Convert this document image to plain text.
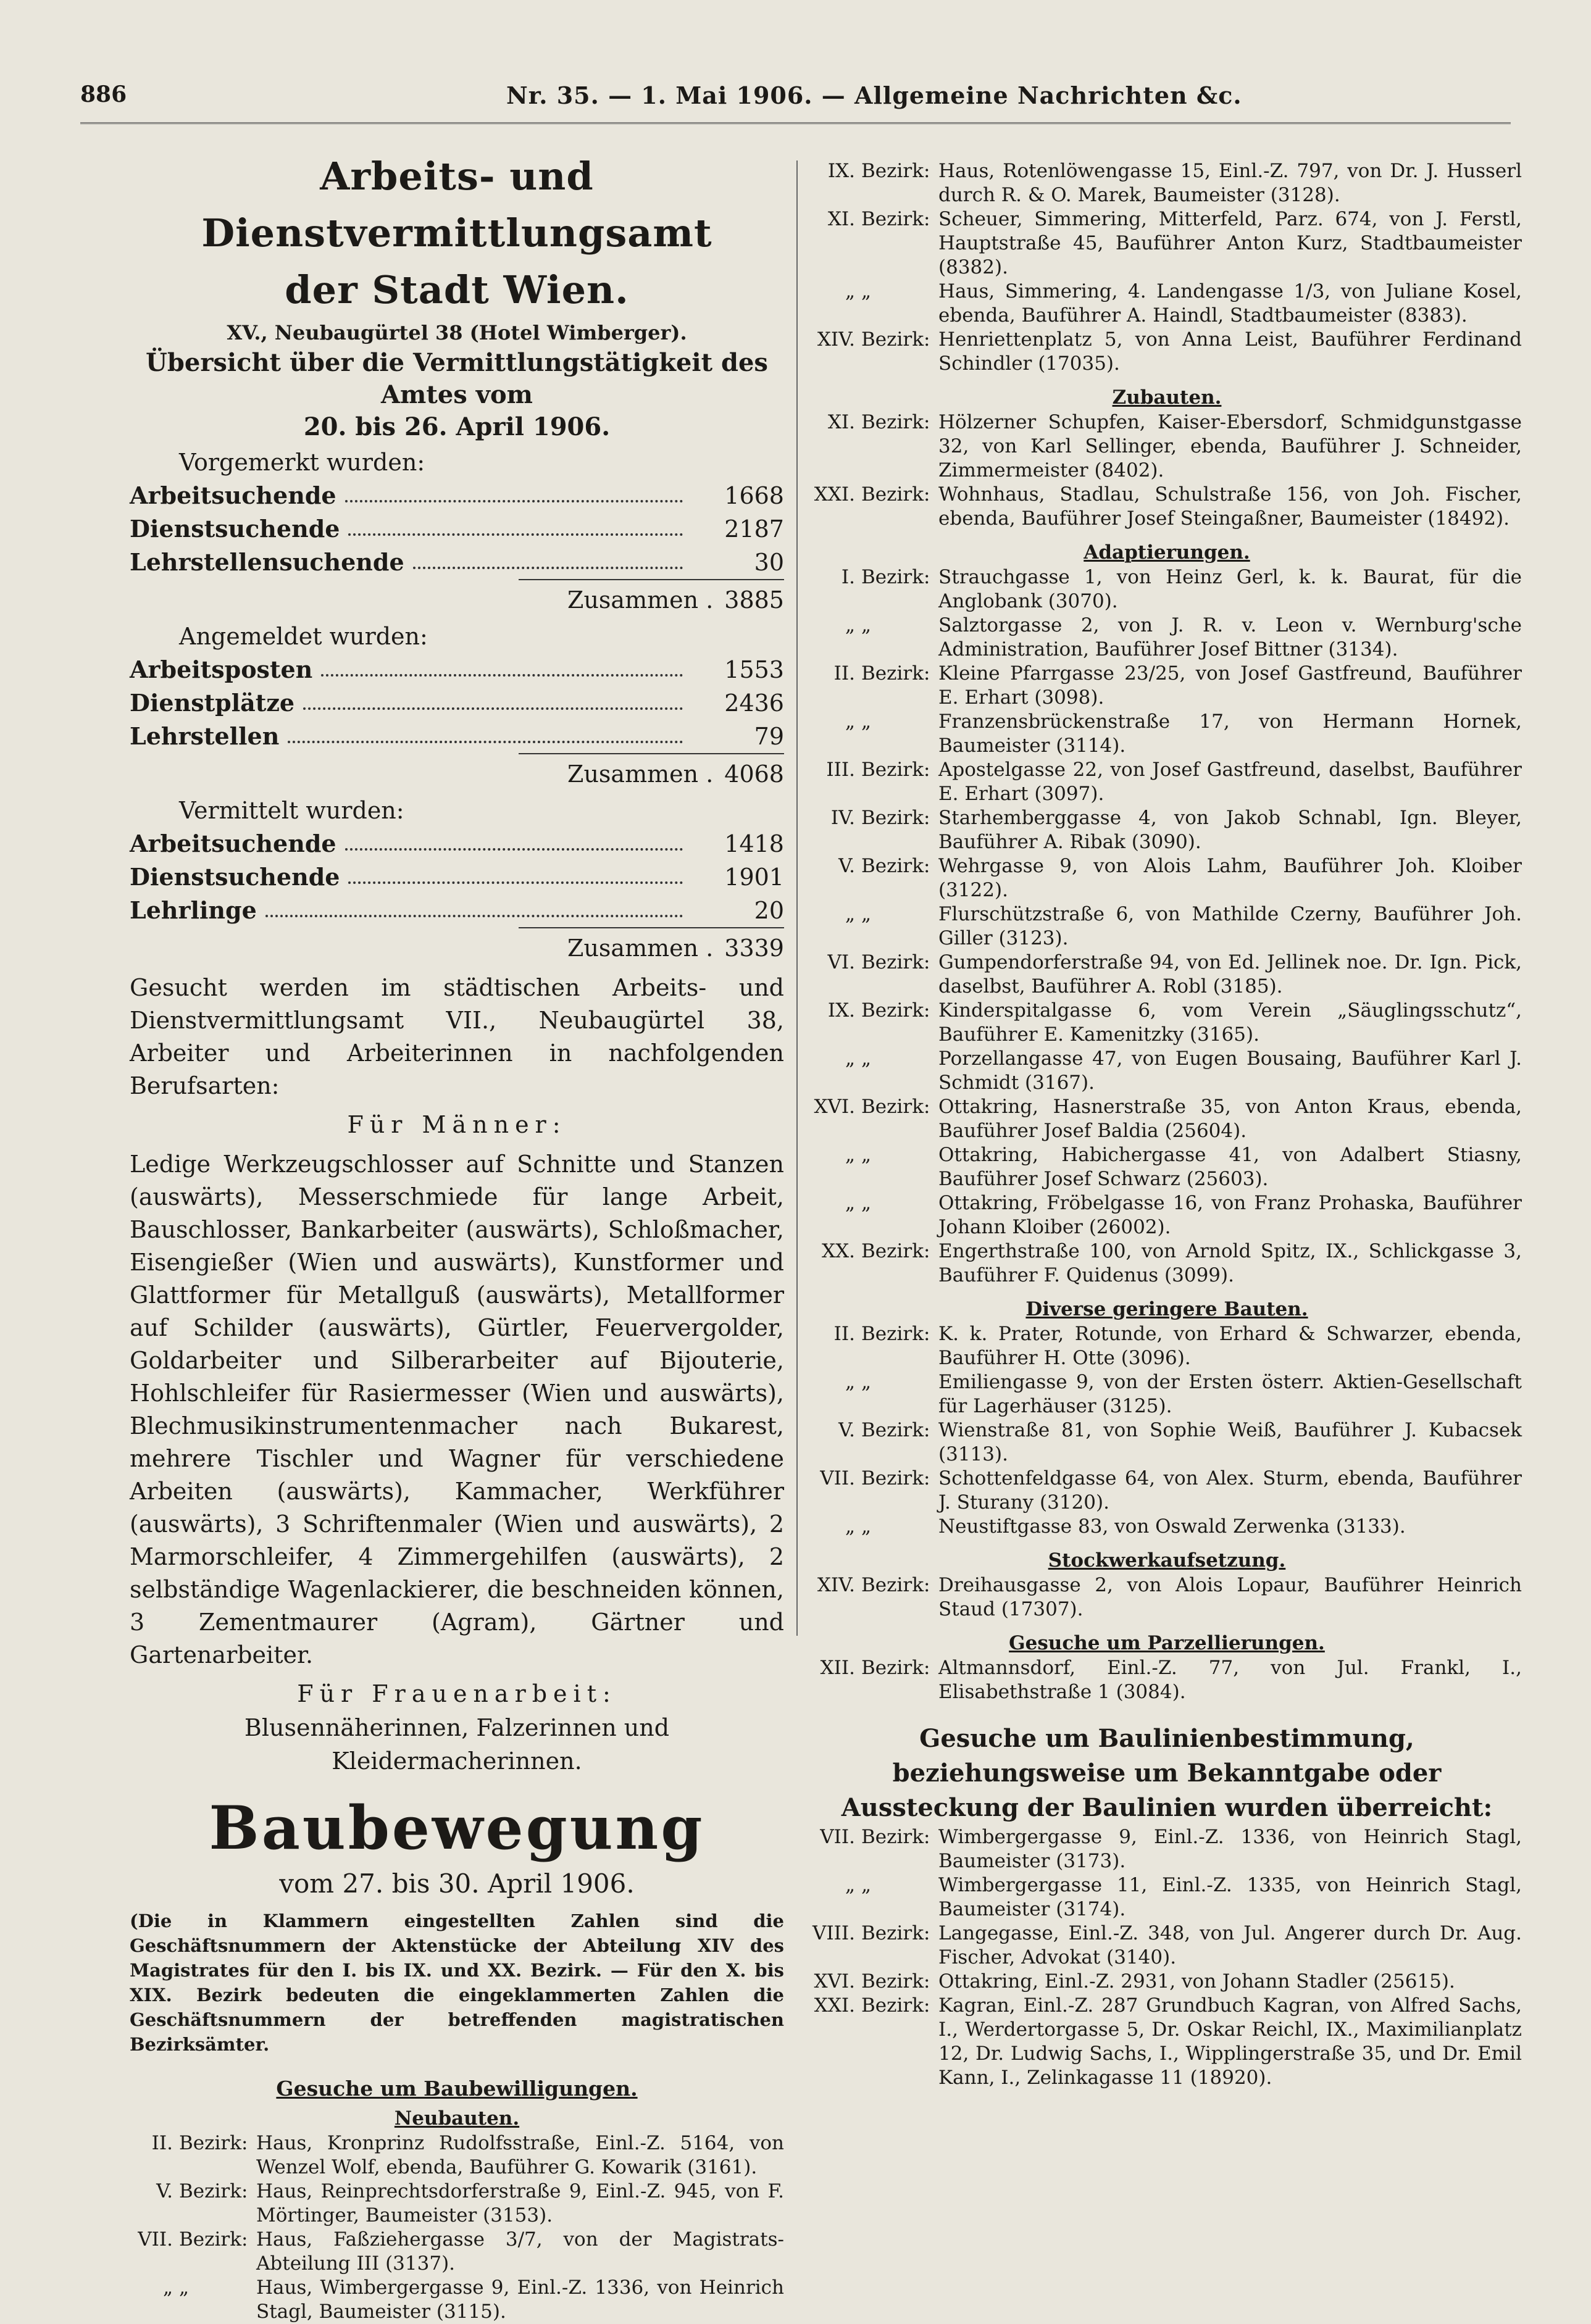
886	Nr. 35. — 1. Mai 1906. — Allgemeine Nachrichten &c.
Arbeits- und Dienstvermittlungsamt
der Stadt Wien.
XV., Neubaugürtel 38 (Hotel Wimberger).
Übersicht über die Vermittlungstätigkeit des Amtes vom
20. bis 26. April 1906.
Vorgemerkt wurden:
Arbeitsuchende	1668
Dienstsuchende	2187
Lehrstellensuchende	30
Zusammen . 3885
Angemeldet wurden:
Arbeitsposten	1553
Dienstplätze	2436
Lehrstellen	79
Zusammen . 4068
Vermittelt wurden:
Arbeitsuchende	1418
Dienstsuchende	1901
Lehrlinge	20
Zusammen . 3339

Gesucht werden im städtischen Arbeits- und Dienstvermittlungsamt VII., Neubaugürtel 38, Arbeiter und Arbeiterinnen in nachfolgenden Berufsarten:

Für Männer:

Ledige Werkzeugschlosser auf Schnitte und Stanzen (auswärts), Messerschmiede für lange Arbeit, Bauschlosser, Bankarbeiter (auswärts), Schloßmacher, Eisengießer (Wien und auswärts), Kunstformer und Glattformer für Metallguß (auswärts), Metallformer auf Schilder (auswärts), Gürtler, Feuervergolder, Goldarbeiter und Silberarbeiter auf Bijouterie, Hohlschleifer für Rasiermesser (Wien und auswärts), Blechmusikinstrumentenmacher nach Bukarest, mehrere Tischler und Wagner für verschiedene Arbeiten (auswärts), Kammacher, Werkführer (auswärts), 3 Schriftenmaler (Wien und auswärts), 2 Marmorschleifer, 4 Zimmergehilfen (auswärts), 2 selbständige Wagenlackierer, die beschneiden können, 3 Zementmaurer (Agram), Gärtner und Gartenarbeiter.

Für Frauenarbeit:
Blusennäherinnen, Falzerinnen und Kleidermacherinnen.
Baubewegung
vom 27. bis 30. April 1906.

(Die in Klammern eingestellten Zahlen sind die Geschäftsnummern der Aktenstücke der Abteilung XIV des Magistrates für den I. bis IX. und XX. Bezirk. — Für den X. bis XIX. Bezirk bedeuten die eingeklammerten Zahlen die Geschäftsnummern der betreffenden magistratischen Bezirksämter.

Gesuche um Baubewilligungen.
Neubauten.
II. Bezirk: Haus, Kronprinz Rudolfsstraße, Einl.-Z. 5164, von Wenzel Wolf, ebenda, Bauführer G. Kowarik (3161).
V. Bezirk: Haus, Reinprechtsdorferstraße 9, Einl.-Z. 945, von F. Mörtinger, Baumeister (3153).
VII. Bezirk: Haus, Faßziehergasse 3/7, von der Magistrats-Abteilung III (3137).
„ „	Haus, Wimbergergasse 9, Einl.-Z. 1336, von Heinrich Stagl, Baumeister (3115).
IX. Bezirk: Haus, Rotenlöwengasse 15, Einl.-Z. 797, von Dr. J. Husserl durch R. & O. Marek, Baumeister (3128).
XI. Bezirk: Scheuer, Simmering, Mitterfeld, Parz. 674, von J. Ferstl, Hauptstraße 45, Bauführer Anton Kurz, Stadtbaumeister (8382).
„ „	Haus, Simmering, 4. Landengasse 1/3, von Juliane Kosel, ebenda, Bauführer A. Haindl, Stadtbaumeister (8383).
XIV. Bezirk: Henriettenplatz 5, von Anna Leist, Bauführer Ferdinand Schindler (17035).
Zubauten.
XI. Bezirk: Hölzerner Schupfen, Kaiser-Ebersdorf, Schmidgunstgasse 32, von Karl Sellinger, ebenda, Bauführer J. Schneider, Zimmermeister (8402).
XXI. Bezirk: Wohnhaus, Stadlau, Schulstraße 156, von Joh. Fischer, ebenda, Bauführer Josef Steingaßner, Baumeister (18492).
Adaptierungen.
I. Bezirk: Strauchgasse 1, von Heinz Gerl, k. k. Baurat, für die Anglobank (3070).
„ „	Salztorgasse 2, von J. R. v. Leon v. Wernburg'sche Administration, Bauführer Josef Bittner (3134).
II. Bezirk: Kleine Pfarrgasse 23/25, von Josef Gastfreund, Bauführer E. Erhart (3098).
„ „	Franzensbrückenstraße 17, von Hermann Hornek, Baumeister (3114).
III. Bezirk: Apostelgasse 22, von Josef Gastfreund, daselbst, Bauführer E. Erhart (3097).
IV. Bezirk: Starhemberggasse 4, von Jakob Schnabl, Ign. Bleyer, Bauführer A. Ribak (3090).
V. Bezirk: Wehrgasse 9, von Alois Lahm, Bauführer Joh. Kloiber (3122).
„ „	Flurschützstraße 6, von Mathilde Czerny, Bauführer Joh. Giller (3123).
VI. Bezirk: Gumpendorferstraße 94, von Ed. Jellinek noe. Dr. Ign. Pick, daselbst, Bauführer A. Robl (3185).
IX. Bezirk: Kinderspitalgasse 6, vom Verein „Säuglingsschutz“, Bauführer E. Kamenitzky (3165).
„ „	Porzellangasse 47, von Eugen Bousaing, Bauführer Karl J. Schmidt (3167).
XVI. Bezirk: Ottakring, Hasnerstraße 35, von Anton Kraus, ebenda, Bauführer Josef Baldia (25604).
„ „	Ottakring, Habichergasse 41, von Adalbert Stiasny, Bauführer Josef Schwarz (25603).
„ „	Ottakring, Fröbelgasse 16, von Franz Prohaska, Bauführer Johann Kloiber (26002).
XX. Bezirk: Engerthstraße 100, von Arnold Spitz, IX., Schlickgasse 3, Bauführer F. Quidenus (3099).
Diverse geringere Bauten.
II. Bezirk: K. k. Prater, Rotunde, von Erhard & Schwarzer, ebenda, Bauführer H. Otte (3096).
„ „	Emiliengasse 9, von der Ersten österr. Aktien-Gesellschaft für Lagerhäuser (3125).
V. Bezirk: Wienstraße 81, von Sophie Weiß, Bauführer J. Kubacsek (3113).
VII. Bezirk: Schottenfeldgasse 64, von Alex. Sturm, ebenda, Bauführer J. Sturany (3120).
„ „	Neustiftgasse 83, von Oswald Zerwenka (3133).
Stockwerkaufsetzung.
XIV. Bezirk: Dreihausgasse 2, von Alois Lopaur, Bauführer Heinrich Staud (17307).
Gesuche um Parzellierungen.
XII. Bezirk: Altmannsdorf, Einl.-Z. 77, von Jul. Frankl, I., Elisabethstraße 1 (3084).
Gesuche um Baulinienbestimmung, beziehungsweise um Bekanntgabe oder Aussteckung der Baulinien wurden überreicht:
VII. Bezirk: Wimbergergasse 9, Einl.-Z. 1336, von Heinrich Stagl, Baumeister (3173).
„ „	Wimbergergasse 11, Einl.-Z. 1335, von Heinrich Stagl, Baumeister (3174).
VIII. Bezirk: Langegasse, Einl.-Z. 348, von Jul. Angerer durch Dr. Aug. Fischer, Advokat (3140).
XVI. Bezirk: Ottakring, Einl.-Z. 2931, von Johann Stadler (25615).
XXI. Bezirk: Kagran, Einl.-Z. 287 Grundbuch Kagran, von Alfred Sachs, I., Werdertorgasse 5, Dr. Oskar Reichl, IX., Maximilianplatz 12, Dr. Ludwig Sachs, I., Wipplingerstraße 35, und Dr. Emil Kann, I., Zelinkagasse 11 (18920).
